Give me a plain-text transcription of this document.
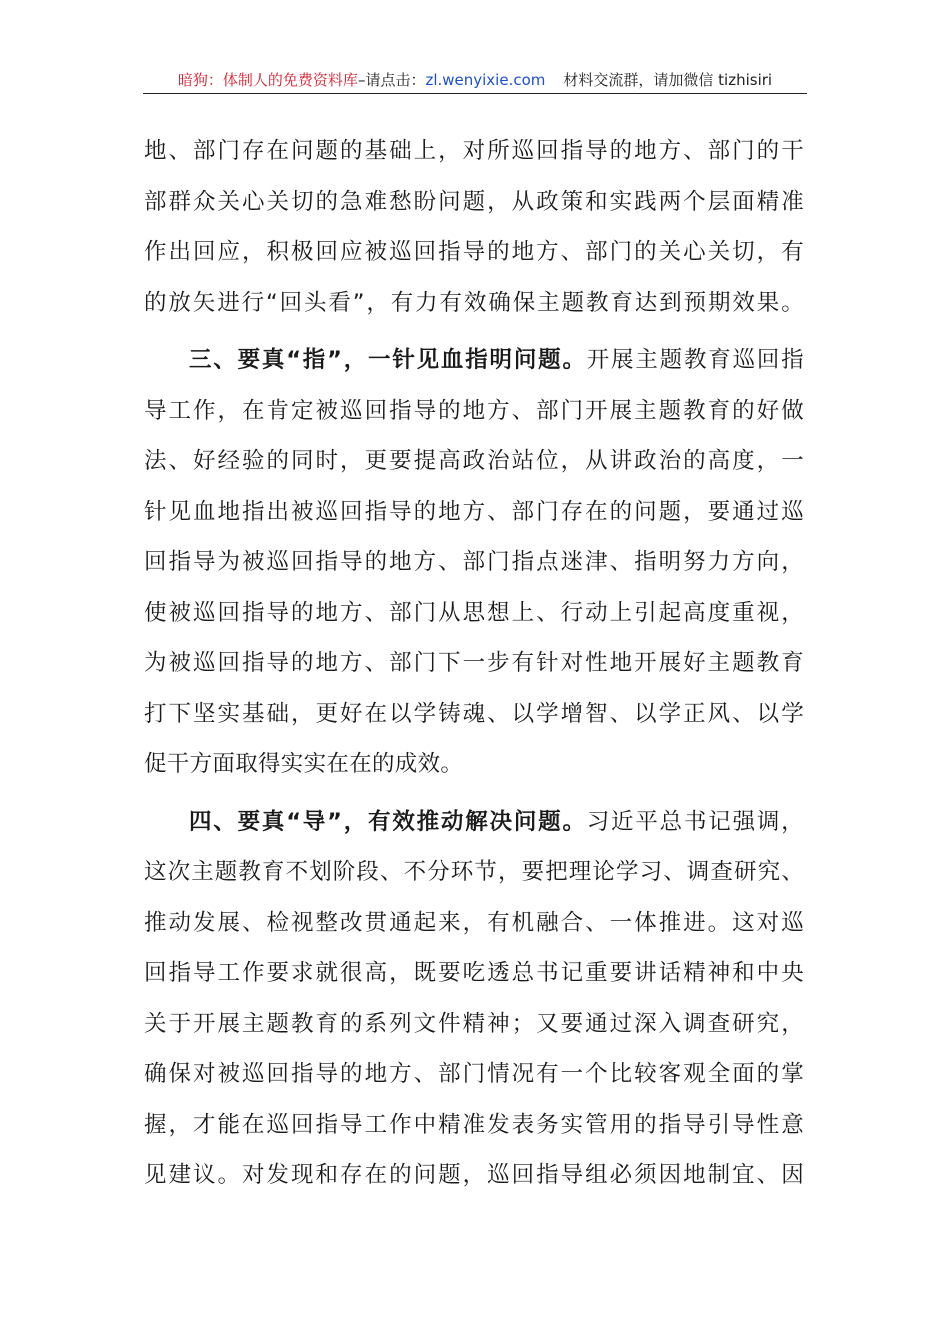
暗狗：体制人的免费资料库 –请点击： zl.wenyixie.com 材料交流群，请加微信 tizhisiri
地、部门存在问题的基础上，对所巡回指导的地方、部门的干
部群众关心关切的急难愁盼问题，从政策和实践两个层面精准
作出回应，积极回应被巡回指导的地方、部门的关心关切，有
的放矢进行“回头看”，有力有效确保主题教育达到预期效果。
三、要真“指”，一针见血指明问题。开展主题教育巡回指
导工作，在肯定被巡回指导的地方、部门开展主题教育的好做
法、好经验的同时，更要提高政治站位，从讲政治的高度，一
针见血地指出被巡回指导的地方、部门存在的问题，要通过巡
回指导为被巡回指导的地方、部门指点迷津、指明努力方向，
使被巡回指导的地方、部门从思想上、行动上引起高度重视，
为被巡回指导的地方、部门下一步有针对性地开展好主题教育
打下坚实基础，更好在以学铸魂、以学增智、以学正风、以学
促干方面取得实实在在的成效。
四、要真“导”，有效推动解决问题。习近平总书记强调，
这次主题教育不划阶段、不分环节，要把理论学习、调查研究、
推动发展、检视整改贯通起来，有机融合、一体推进。这对巡
回指导工作要求就很高，既要吃透总书记重要讲话精神和中央
关于开展主题教育的系列文件精神；又要通过深入调查研究，
确保对被巡回指导的地方、部门情况有一个比较客观全面的掌
握，才能在巡回指导工作中精准发表务实管用的指导引导性意
见建议。对发现和存在的问题，巡回指导组必须因地制宜、因
